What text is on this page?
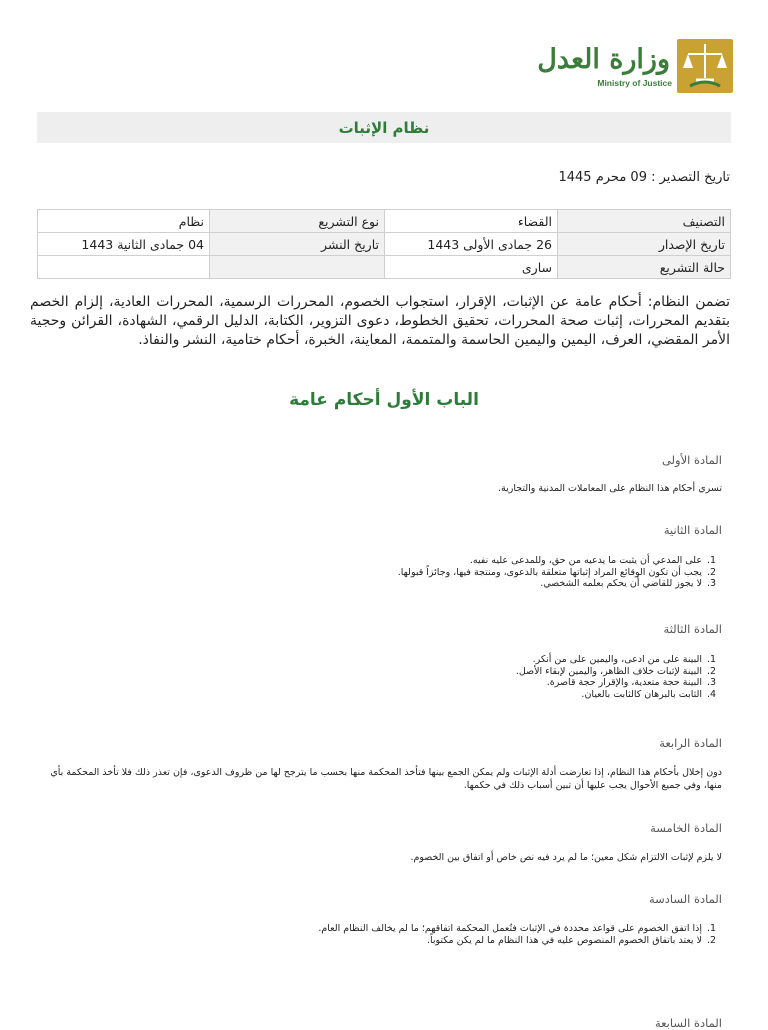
وزارة العدل
Ministry of Justice
نظام الإثبات
تاريخ التصدير : 09 محرم 1445
التصنيف	القضاء	نوع التشريع	نظام
تاريخ الإصدار	26 جمادى الأولى 1443	تاريخ النشر	04 جمادى الثانية 1443
حالة التشريع	سارى		
تضمن النظام: أحكام عامة عن الإثبات، الإقرار، استجواب الخصوم، المحررات الرسمية، المحررات العادية، إلزام الخصم بتقديم المحررات، إثبات صحة المحررات، تحقيق الخطوط، دعوى التزوير، الكتابة، الدليل الرقمي، الشهادة، القرائن وحجية الأمر المقضي، العرف، اليمين واليمين الحاسمة والمتممة، المعاينة، الخبرة، أحكام ختامية، النشر والنفاذ.
الباب الأول أحكام عامة
المادة الأولى
تسري أحكام هذا النظام على المعاملات المدنية والتجارية.
المادة الثانية
1. على المدعي أن يثبت ما يدعيه من حق، وللمدعى عليه نفيه.
2. يجب أن تكون الوقائع المراد إثباتها متعلقة بالدعوى، ومنتجة فيها، وجائزاً قبولها.
3. لا يجوز للقاضي أن يحكم بعلمه الشخصي.
المادة الثالثة
1. البينة على من ادعى، واليمين على من أنكر.
2. البينة لإثبات خلاف الظاهر، واليمين لإبقاء الأصل.
3. البينة حجة متعدية، والإقرار حجة قاصرة.
4. الثابت بالبرهان كالثابت بالعيان.
المادة الرابعة
دون إخلال بأحكام هذا النظام، إذا تعارضت أدلة الإثبات ولم يمكن الجمع بينها فتأخذ المحكمة منها بحسب ما يترجح لها من ظروف الدعوى، فإن تعذر ذلك فلا تأخذ المحكمة بأي منها، وفي جميع الأحوال يجب عليها أن تبين أسباب ذلك في حكمها.
المادة الخامسة
لا يلزم لإثبات الالتزام شكل معين؛ ما لم يرد فيه نص خاص أو اتفاق بين الخصوم.
المادة السادسة
1. إذا اتفق الخصوم على قواعد محددة في الإثبات فتُعمل المحكمة اتفاقهم؛ ما لم يخالف النظام العام.
2. لا يعتد باتفاق الخصوم المنصوص عليه في هذا النظام ما لم يكن مكتوباً.
المادة السابعة
